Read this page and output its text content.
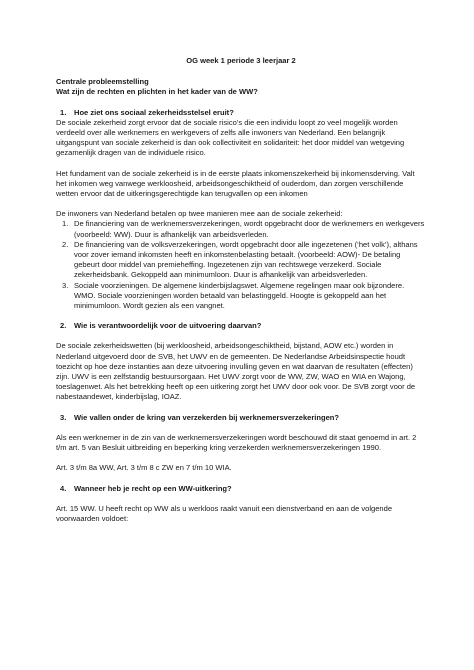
OG week 1 periode 3 leerjaar 2

Centrale probleemstelling

Wat zijn de rechten en plichten in het kader van de WW?

1. Hoe ziet ons sociaal zekerheidsstelsel eruit?

De sociale zekerheid zorgt ervoor dat de sociale risico’s die een individu loopt zo veel mogelijk worden verdeeld over alle werknemers en werkgevers of zelfs alle inwoners van Nederland. Een belangrijk uitgangspunt van sociale zekerheid is dan ook collectiviteit en solidariteit: het door middel van wetgeving gezamenlijk dragen van de individuele risico.

Het fundament van de sociale zekerheid is in de eerste plaats inkomenszekerheid bij inkomensderving. Valt het inkomen weg vanwege werkloosheid, arbeidsongeschiktheid of ouderdom, dan zorgen verschillende wetten ervoor dat de uitkeringsgerechtigde kan terugvallen op een inkomen

De inwoners van Nederland betalen op twee manieren mee aan de sociale zekerheid:

1. De financiering van de werknemersverzekeringen, wordt opgebracht door de werknemers en werkgevers (voorbeeld: WW). Duur is afhankelijk van arbeidsverleden.
2. De financiering van de volksverzekeringen, wordt opgebracht door alle ingezetenen (‘het volk’), althans voor zover iemand inkomsten heeft en inkomstenbelasting betaalt. (voorbeeld: AOW)- De betaling gebeurt door middel van premieheffing. Ingezetenen zijn van rechtswege verzekerd. Sociale zekerheidsbank. Gekoppeld aan minimumloon. Duur is afhankelijk van arbeidsverleden.
3. Sociale voorzieningen. De algemene kinderbijslagswet. Algemene regelingen maar ook bijzondere. WMO. Sociale voorzieningen worden betaald van belastinggeld. Hoogte is gekoppeld aan het minimumloon. Wordt gezien als een vangnet.

2. Wie is verantwoordelijk voor de uitvoering daarvan?

De sociale zekerheidswetten (bij werkloosheid, arbeidsongeschiktheid, bijstand, AOW etc.) worden in Nederland uitgevoerd door de SVB, het UWV en de gemeenten. De Nederlandse Arbeidsinspectie houdt toezicht op hoe deze instanties aan deze uitvoering invulling geven en wat daarvan de resultaten (effecten) zijn. UWV is een zelfstandig bestuursorgaan. Het UWV zorgt voor de WW, ZW, WAO en WIA en Wajong, toeslagenwet. Als het betrekking heeft op een uitkering zorgt het UWV door ook voor. De SVB zorgt voor de nabestaandewet, kinderbijslag, IOAZ.

3. Wie vallen onder de kring van verzekerden bij werknemersverzekeringen?

Als een werknemer in de zin van de werknemersverzekeringen wordt beschouwd dit staat genoemd in art. 2 t/m art. 5 van Besluit uitbreiding en beperking kring verzekerden werknemersverzekeringen 1990.

Art. 3 t/m 8a WW, Art. 3 t/m 8 c ZW en 7 t/m 10 WIA.

4. Wanneer heb je recht op een WW-uitkering?

Art. 15 WW. U heeft recht op WW als u werkloos raakt vanuit een dienstverband en aan de volgende voorwaarden voldoet:
